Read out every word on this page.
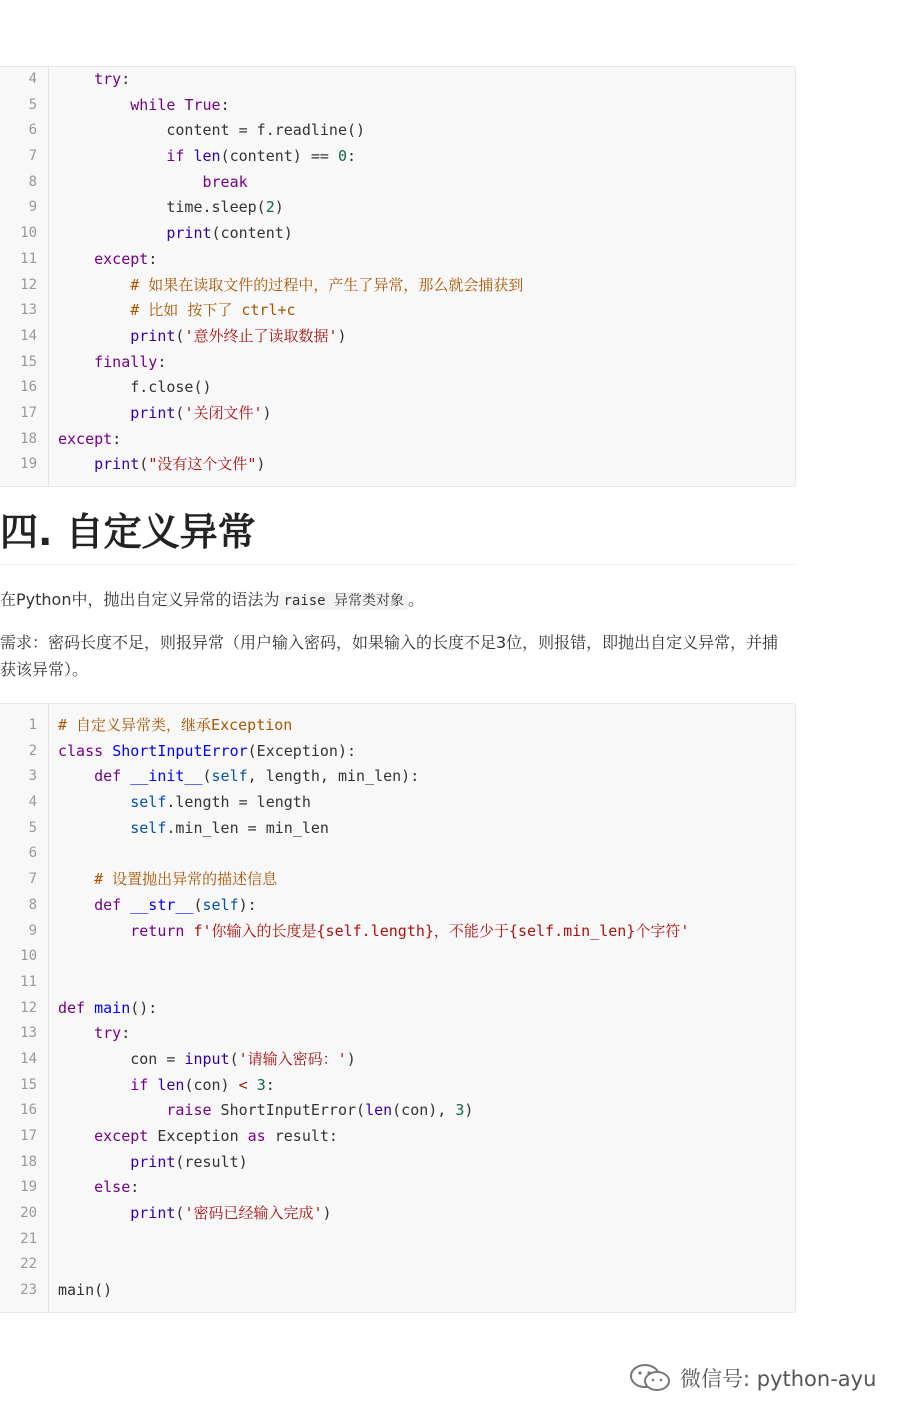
4	try:
5	while True:
6 content = f.readline()
7	if len(content) == 0:
8	break
9 time.sleep(2)
10	print(content)
11	except:
12	# 如果在读取文件的过程中，产生了异常，那么就会捕获到
13	# 比如 按下了 ctrl+c
14	print('意外终止了读取数据')
15	finally:
16 f.close()
17	print('关闭文件')
18 except:
19	print("没有这个文件")
四. 自定义异常

在Python中，抛出自定义异常的语法为 raise 异常类对象 。

需求：密码长度不足，则报异常（用户输入密码，如果输入的长度不足3位，则报错，即抛出自定义异常，并捕获该异常）。

1 # 自定义异常类，继承Exception
2 class ShortInputError(Exception):
3	def __init__(self, length, min_len):
4	self.length = length
5	self.min_len = min_len
6
7	# 设置抛出异常的描述信息
8	def __str__(self):
9	return f'你输入的长度是{self.length}，不能少于{self.min_len}个字符'
10
11
12 def main():
13	try:
14 con = input('请输入密码：')
15	if len(con) < 3:
16	raise ShortInputError(len(con), 3)
17	except Exception as result:
18	print(result)
19	else:
20	print('密码已经输入完成')
21
22
23 main()
微信号: python-ayu
